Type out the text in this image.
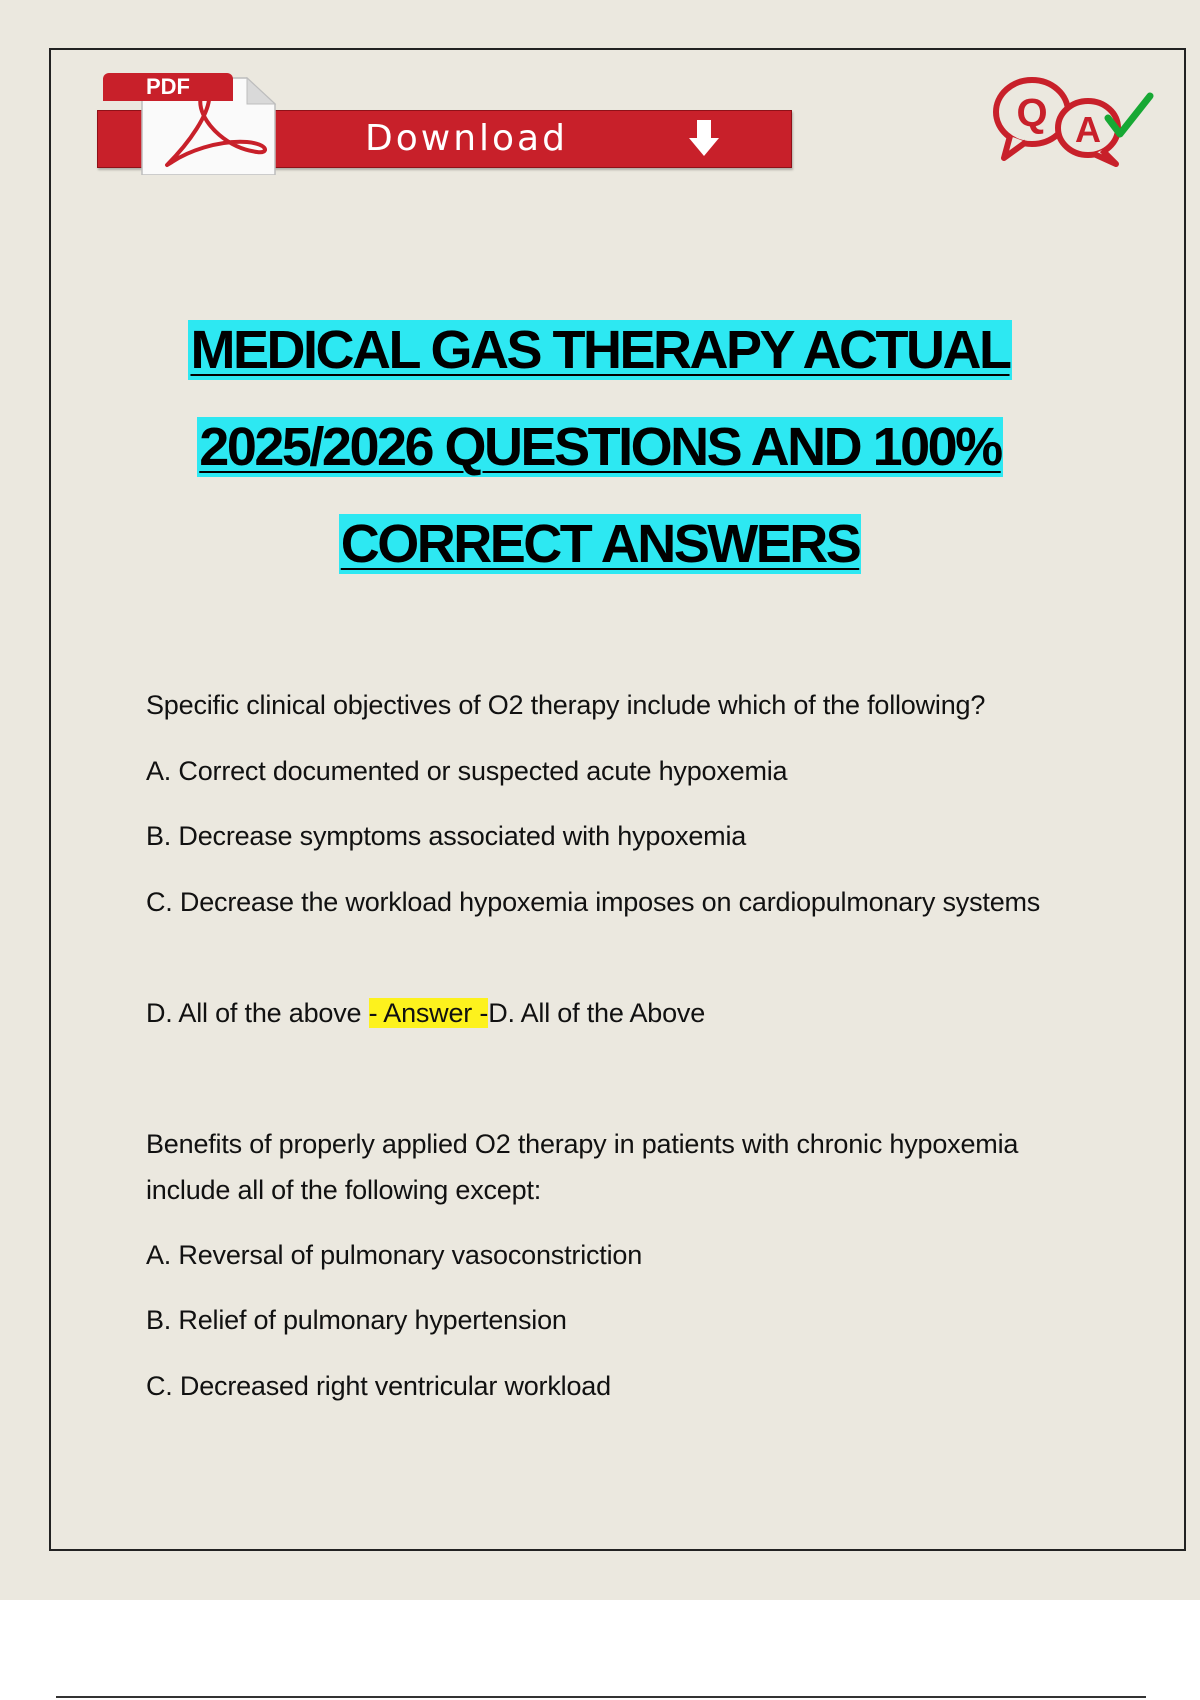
Download
PDF
Q A
MEDICAL GAS THERAPY ACTUAL
2025/2026 QUESTIONS AND 100%
CORRECT ANSWERS
Specific clinical objectives of O2 therapy include which of the following?
A. Correct documented or suspected acute hypoxemia
B. Decrease symptoms associated with hypoxemia
C. Decrease the workload hypoxemia imposes on cardiopulmonary systems
D. All of the above - Answer -D. All of the Above
Benefits of properly applied O2 therapy in patients with chronic hypoxemia include all of the following except:
A. Reversal of pulmonary vasoconstriction
B. Relief of pulmonary hypertension
C. Decreased right ventricular workload
